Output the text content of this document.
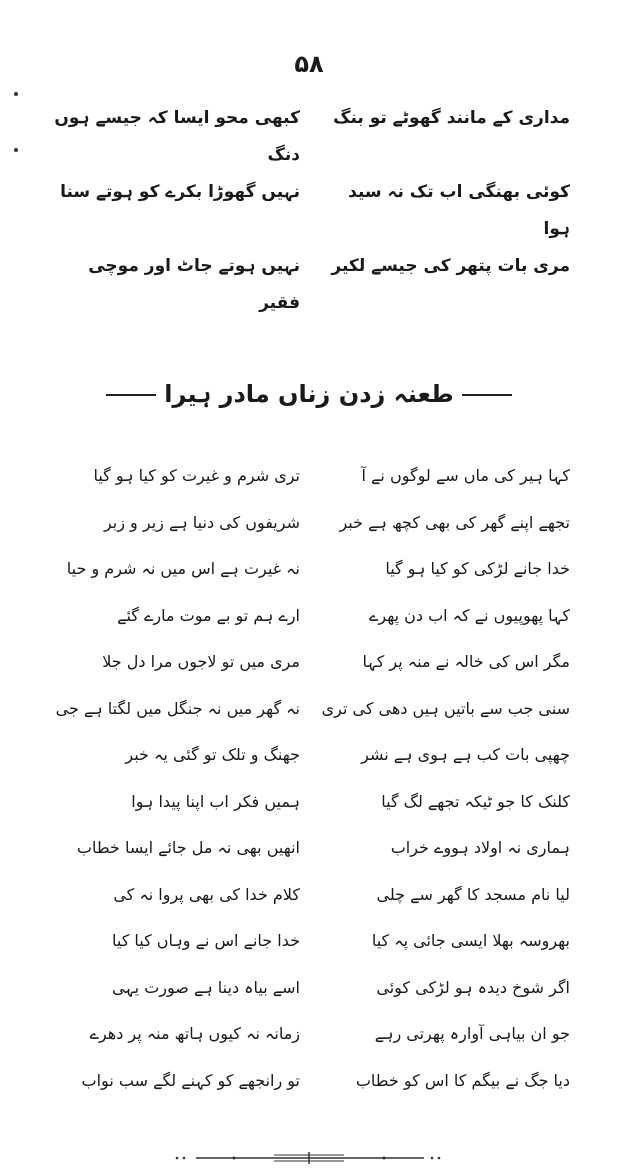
۵۸
مداری کے مانند گھوٹے تو بنگ
کبھی محو ایسا کہ جیسے ہوں دنگ
کوئی بھنگی اب تک نہ سید ہوا
نہیں گھوڑا بکرے کو ہوتے سنا
مری بات پتھر کی جیسے لکیر
نہیں ہوتے جاٹ اور موچی فقیر
طعنہ زدن زناں مادر ہیرا
کہا ہیر کی ماں سے لوگوں نے آ
تری شرم و غیرت کو کیا ہو گیا
تجھے اپنے گھر کی بھی کچھ ہے خبر
شریفوں کی دنیا ہے زیر و زبر
خدا جانے لڑکی کو کیا ہو گیا
نہ غیرت ہے اس میں نہ شرم و حیا
کہا پھوپیوں نے کہ اب دن پھرے
ارے ہم تو بے موت مارے گئے
مگر اس کی خالہ نے منہ پر کہا
مری میں تو لاجوں مرا دل جلا
سنی جب سے باتیں ہیں دھی کی تری
نہ گھر میں نہ جنگل میں لگتا ہے جی
چھپی بات کب ہے ہوی ہے نشر
جھنگ و تلک تو گئی یہ خبر
کلنک کا جو ٹیکہ تجھے لگ گیا
ہمیں فکر اب اپنا پیدا ہوا
ہماری نہ اولاد ہووے خراب
انھیں بھی نہ مل جائے ایسا خطاب
لیا نام مسجد کا گھر سے چلی
کلام خدا کی بھی پروا نہ کی
بھروسہ بھلا ایسی جائی پہ کیا
خدا جانے اس نے وہاں کیا کیا
اگر شوخ دیدہ ہو لڑکی کوئی
اسے بیاہ دینا ہے صورت یہی
جو ان بیاہی آوارہ پھرتی رہے
زمانہ نہ کیوں ہاتھ منہ پر دھرے
دیا جگ نے بیگم کا اس کو خطاب
تو رانجھے کو کہنے لگے سب نواب
